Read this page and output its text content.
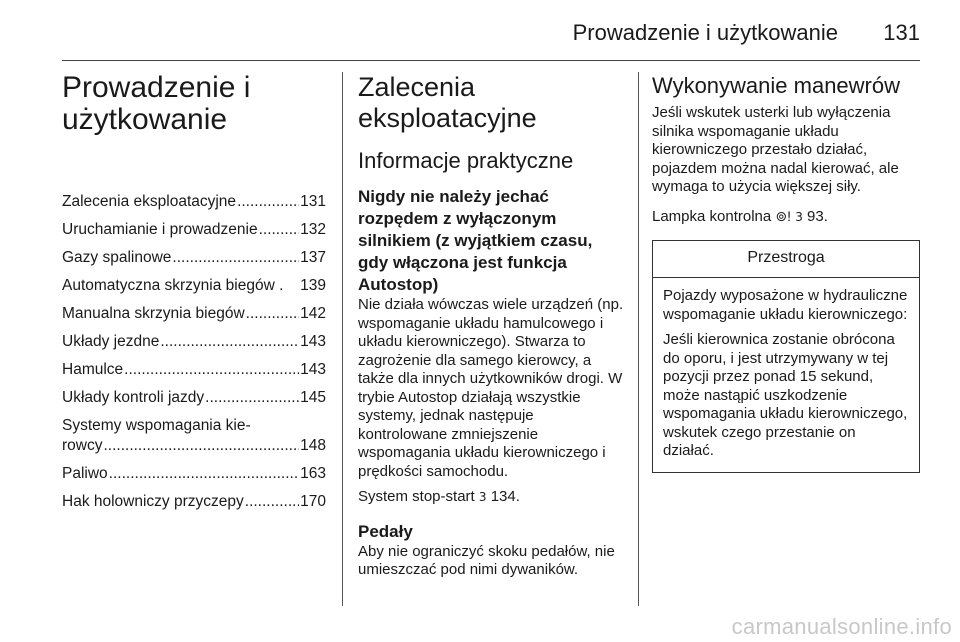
Prowadzenie i użytkowanie 131
Prowadzenie i
użytkowanie
Zalecenia eksploatacyjne .....	131
Uruchamianie i prowadzenie .....	132
Gazy spalinowe .....	137
Automatyczna skrzynia biegów . 139
Manualna skrzynia biegów .....	142
Układy jezdne .....	143
Hamulce .....	143
Układy kontroli jazdy .....	145
Systemy wspomagania kie-
rowcy .....	148
Paliwo .....	163
Hak holowniczy przyczepy .....	170
Zalecenia
eksploatacyjne
Informacje praktyczne
Nigdy nie należy jechać
rozpędem z wyłączonym
silnikiem (z wyjątkiem czasu,
gdy włączona jest funkcja
Autostop)

Nie działa wówczas wiele urządzeń (np. wspomaganie układu hamulcowego i układu kierowniczego). Stwarza to zagrożenie dla samego kierowcy, a także dla innych użytkowników drogi. W trybie Autostop działają wszystkie systemy, jednak następuje kontrolowane zmniejszenie wspomagania układu kierowniczego i prędkości samochodu.

System stop-start 3 134.

Pedały

Aby nie ograniczyć skoku pedałów, nie umieszczać pod nimi dywaników.

Wykonywanie manewrów

Jeśli wskutek usterki lub wyłączenia silnika wspomaganie układu kierowniczego przestało działać, pojazdem można nadal kierować, ale wymaga to użycia większej siły.

Lampka kontrolna ⊚! 3 93.

Przestroga

Pojazdy wyposażone w hydrauliczne wspomaganie układu kierowniczego:

Jeśli kierownica zostanie obrócona do oporu, i jest utrzymywany w tej pozycji przez ponad 15 sekund, może nastąpić uszkodzenie wspomagania układu kierowniczego, wskutek czego przestanie on działać.

carmanualsonline.info
